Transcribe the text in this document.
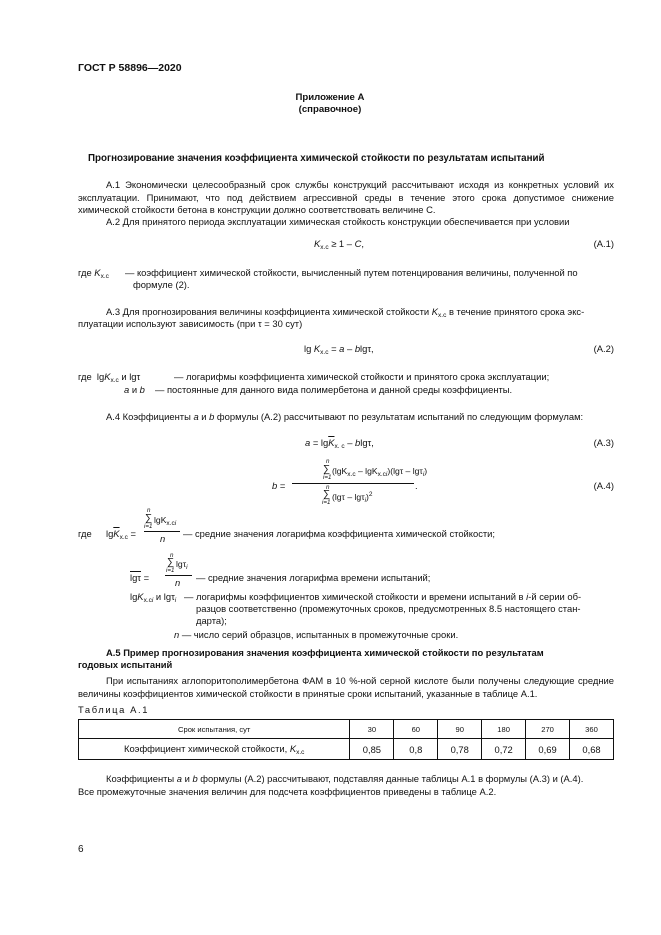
ГОСТ Р 58896—2020
Приложение А
(справочное)
Прогнозирование значения коэффициента химической стойкости по результатам испытаний
А.1 Экономически целесообразный срок службы конструкций рассчитывают исходя из конкретных условий их эксплуатации. Принимают, что под действием агрессивной среды в течение этого срока допустимое снижение химической стойкости бетона в конструкции должно соответствовать величине С.
А.2 Для принятого периода эксплуатации химическая стойкость конструкции обеспечивается при условии
$K_{х.с} \ge 1 - C$,	(А.1)
где $K_{х.с}$ — коэффициент химической стойкости, вычисленный путем потенцирования величины, полученной по
формуле (2).
А.3 Для прогнозирования величины коэффициента химической стойкости $K_{х.с}$ в течение принятого срока экс-
плуатации используют зависимость (при τ = 30 сут)
$\lg K_{х.с} = a - blg\tau$,	(А.2)
где lgK$_{х.с}$ и lgτ	— логарифмы коэффициента химической стойкости и принятого срока эксплуатации;
a и b — постоянные для данного вида полимербетона и данной среды коэффициенты.
А.4 Коэффициенты a и b формулы (А.2) рассчитывают по результатам испытаний по следующим формулам:
$a = \lg\overline{K}_{х. с} - blg\tau$,	(А.3)
b =
n
∑
i=1
(lgK$_{х.с}$ – lgK$_{х.сi}$)(lgτ – lgτ$_i$)
n
∑
i=1
(lgτ – lgτ$_i$)$^2$
.	(А.4)
где $\lg\overline{K}_{х.с}$ =
n
∑
i=1
lgK$_{х.сi}$
n — средние значения логарифма коэффициента химической стойкости;
$\overline{lg\tau}$ =
n
∑
i=1
lgτ$_i$
n — средние значения логарифма времени испытаний;
lgK$_{х.сi}$ и lgτ$_i$ — логарифмы коэффициентов химической стойкости и времени испытаний в i-й серии об-
разцов соответственно (промежуточных сроков, предусмотренных 8.5 настоящего стан-
дарта);
n — число серий образцов, испытанных в промежуточные сроки.
А.5 Пример прогнозирования значения коэффициента химической стойкости по результатам
годовых испытаний
При испытаниях аглопоритополимербетона ФАМ в 10 %-ной серной кислоте были получены следующие средние величины коэффициентов химической стойкости в принятые сроки испытаний, указанные в таблице А.1.
Таблица А.1
Срок испытания, сут	30	60	90	180	270	360
Коэффициент химической стойкости, $K_{х.с}$	0,85	0,8	0,78	0,72	0,69	0,68
Коэффициенты a и b формулы (А.2) рассчитывают, подставляя данные таблицы А.1 в формулы (А.3) и (А.4).
Все промежуточные значения величин для подсчета коэффициентов приведены в таблице А.2.
6
